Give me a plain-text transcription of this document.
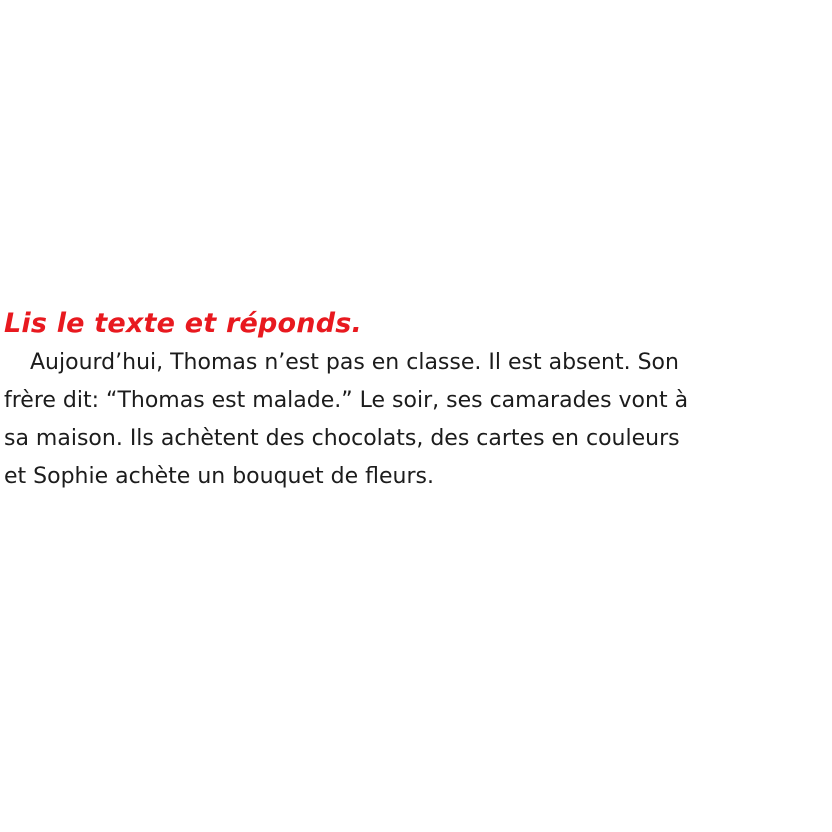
Lis le texte et réponds.

Aujourd’hui, Thomas n’est pas en classe. Il est absent. Son
frère dit: “Thomas est malade.” Le soir, ses camarades vont à
sa maison. Ils achètent des chocolats, des cartes en couleurs
et Sophie achète un bouquet de fleurs.
